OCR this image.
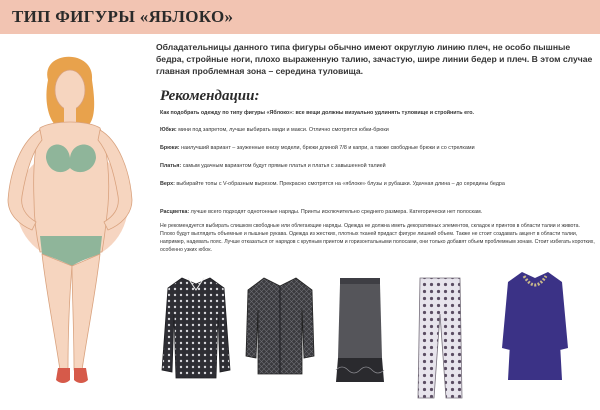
ТИП ФИГУРЫ «ЯБЛОКО»
Обладательницы данного типа фигуры обычно имеют округлую линию плеч, не особо пышные бедра, стройные ноги, плохо выраженную талию, зачастую, шире линии бедер и плеч. В этом случае главная проблемная зона – середина туловища.
Рекомендации:
Как подобрать одежду по типу фигуры «Яблоко»: все вещи должны визуально удлинять туловище и стройнить его.
Юбки: мини под запретом, лучше выбирать миди и макси. Отлично смотрятся юбки-брюки
Брюки: наилучший вариант – зауженные книзу модели, брюки длиной 7/8 и капри, а также свободные брюки и со стрелками
Платья: самым удачным вариантом будут прямые платья и платья с завышенной талией
Верх: выбирайте топы с V-образным вырезом. Прекрасно смотрятся на «яблоке» блузы и рубашки. Удачная длина – до середины бедра
Расцветка: лучше всего подходят однотонные наряды. Принты исключительно среднего размера. Категорически нет полоскам.
Не рекомендуется выбирать слишком свободные или облегающие наряды. Одежда не должна иметь декоративных элементов, складок и принтов в области талии и живота. Плохо будут выглядеть объемные и пышные рукава. Одежда из жестких, плотных тканей придаст фигуре лишний объем. Также не стоит создавать акцент в области талии, например, надевать пояс. Лучше отказаться от нарядов с крупным принтом и горизонтальными полосами, они только добавят объем проблемным зонам. Стоит избегать коротких, особенно узких юбок.
